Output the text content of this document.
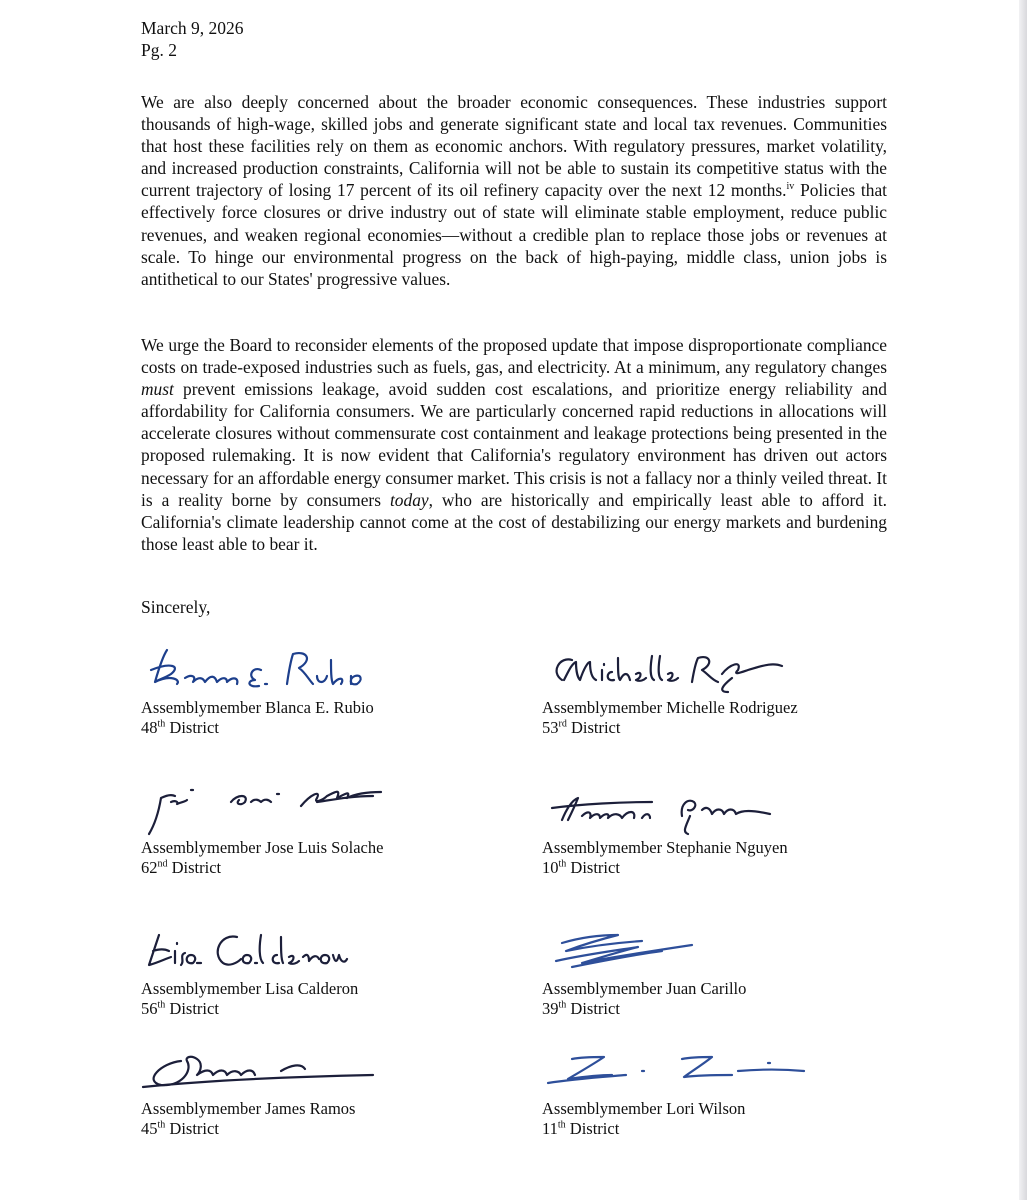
March 9, 2026
Pg. 2

We are also deeply concerned about the broader economic consequences. These industries support thousands of high-wage, skilled jobs and generate significant state and local tax revenues. Communities that host these facilities rely on them as economic anchors. With regulatory pressures, market volatility, and increased production constraints, California will not be able to sustain its competitive status with the current trajectory of losing 17 percent of its oil refinery capacity over the next 12 months.$^{iv}$ Policies that effectively force closures or drive industry out of state will eliminate stable employment, reduce public revenues, and weaken regional economies—without a credible plan to replace those jobs or revenues at scale. To hinge our environmental progress on the back of high-paying, middle class, union jobs is antithetical to our States' progressive values.

We urge the Board to reconsider elements of the proposed update that impose disproportionate compliance costs on trade-exposed industries such as fuels, gas, and electricity. At a minimum, any regulatory changes must prevent emissions leakage, avoid sudden cost escalations, and prioritize energy reliability and affordability for California consumers. We are particularly concerned rapid reductions in allocations will accelerate closures without commensurate cost containment and leakage protections being presented in the proposed rulemaking. It is now evident that California's regulatory environment has driven out actors necessary for an affordable energy consumer market. This crisis is not a fallacy nor a thinly veiled threat. It is a reality borne by consumers today, who are historically and empirically least able to afford it. California's climate leadership cannot come at the cost of destabilizing our energy markets and burdening those least able to bear it.

Sincerely,
Assemblymember Blanca E. Rubio
48th District
Assemblymember Michelle Rodriguez
53rd District
Assemblymember Jose Luis Solache
62nd District
Assemblymember Stephanie Nguyen
10th District
Assemblymember Lisa Calderon
56th District
Assemblymember Juan Carillo
39th District
Assemblymember James Ramos
45th District
Assemblymember Lori Wilson
11th District
